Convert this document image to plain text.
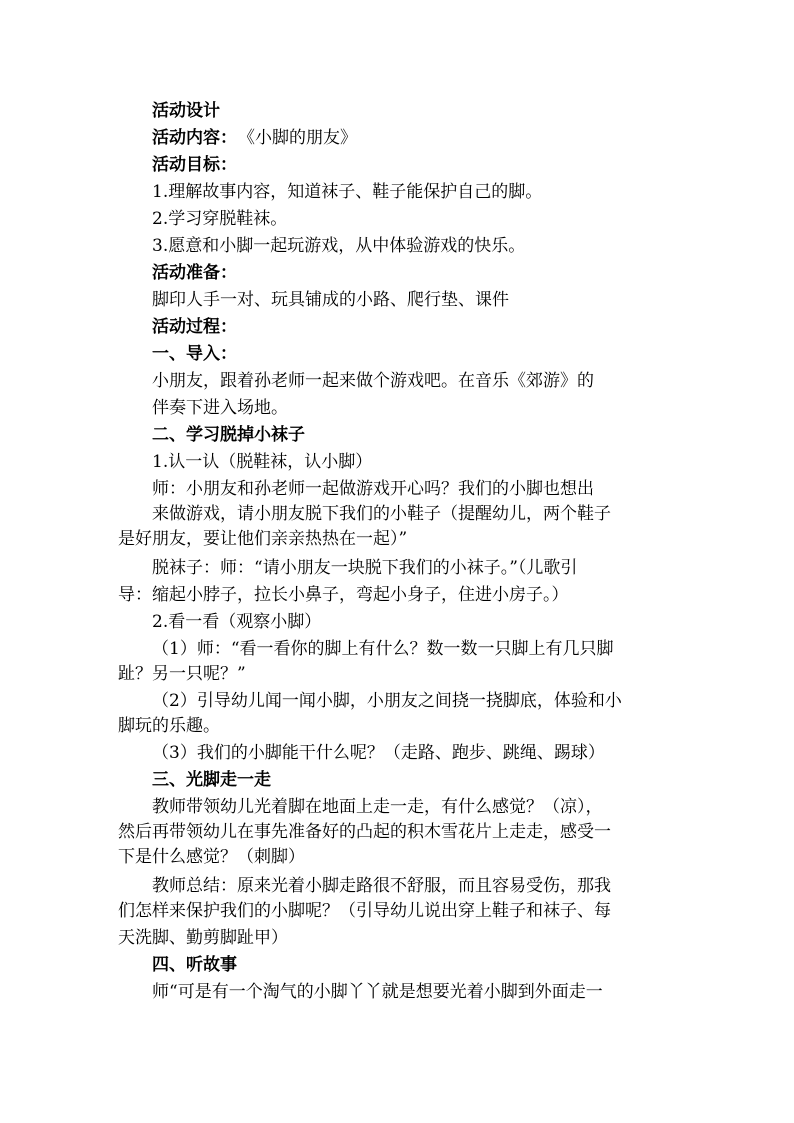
活动设计
活动内容： 《小脚的朋友》
活动目标：
1.理解故事内容，知道袜子、鞋子能保护自己的脚。
2.学习穿脱鞋袜。
3.愿意和小脚一起玩游戏，从中体验游戏的快乐。
活动准备：
脚印人手一对、玩具铺成的小路、爬行垫、课件
活动过程：
一、导入：
小朋友，跟着孙老师一起来做个游戏吧。在音乐《郊游》的
伴奏下进入场地。
二、学习脱掉小袜子
1.认一认（脱鞋袜，认小脚）
师：小朋友和孙老师一起做游戏开心吗？我们的小脚也想出
来做游戏，请小朋友脱下我们的小鞋子（提醒幼儿，两个鞋子
是好朋友，要让他们亲亲热热在一起）”
脱袜子：师：“请小朋友一块脱下我们的小袜子。”（儿歌引
导：缩起小脖子，拉长小鼻子，弯起小身子，住进小房子。）
2.看一看（观察小脚）
（1）师：“看一看你的脚上有什么？数一数一只脚上有几只脚
趾？另一只呢？”
（2）引导幼儿闻一闻小脚，小朋友之间挠一挠脚底，体验和小
脚玩的乐趣。
（3）我们的小脚能干什么呢？（走路、跑步、跳绳、踢球）
三、光脚走一走
教师带领幼儿光着脚在地面上走一走，有什么感觉？（凉），
然后再带领幼儿在事先准备好的凸起的积木雪花片上走走，感受一
下是什么感觉？（刺脚）
教师总结：原来光着小脚走路很不舒服，而且容易受伤，那我
们怎样来保护我们的小脚呢？（引导幼儿说出穿上鞋子和袜子、每
天洗脚、勤剪脚趾甲）
四、听故事
师“可是有一个淘气的小脚丫丫就是想要光着小脚到外面走一
